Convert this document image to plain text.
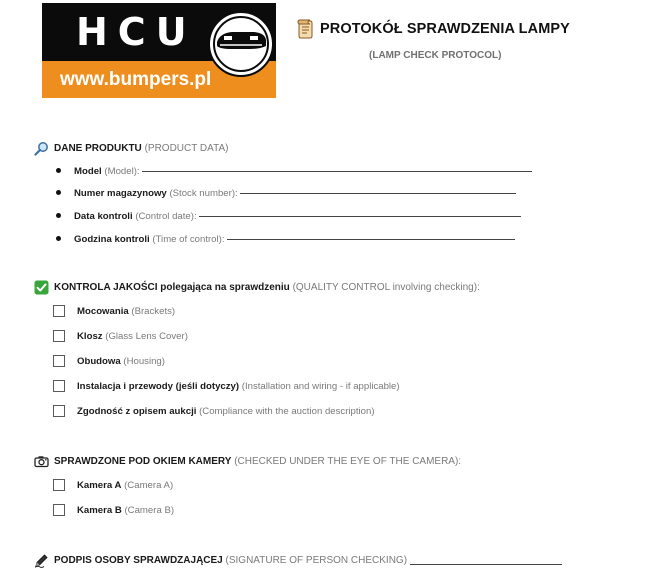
HCU
www.bumpers.pl
PROTOKÓŁ SPRAWDZENIA LAMPY
(LAMP CHECK PROTOCOL)
DANE PRODUKTU
(PRODUCT DATA)
Model
(Model):
Numer magazynowy
(Stock number):
Data kontroli
(Control date):
Godzina kontroli
(Time of control):
KONTROLA JAKOŚCI polegająca na sprawdzeniu
(QUALITY CONTROL involving checking):
Mocowania
(Brackets)
Klosz
(Glass Lens Cover)
Obudowa
(Housing)
Instalacja i przewody (jeśli dotyczy)
(Installation and wiring - if applicable)
Zgodność z opisem aukcji
(Compliance with the auction description)
SPRAWDZONE POD OKIEM KAMERY
(CHECKED UNDER THE EYE OF THE CAMERA):
Kamera A
(Camera A)
Kamera B
(Camera B)
PODPIS OSOBY SPRAWDZAJĄCEJ
(SIGNATURE OF PERSON CHECKING)
